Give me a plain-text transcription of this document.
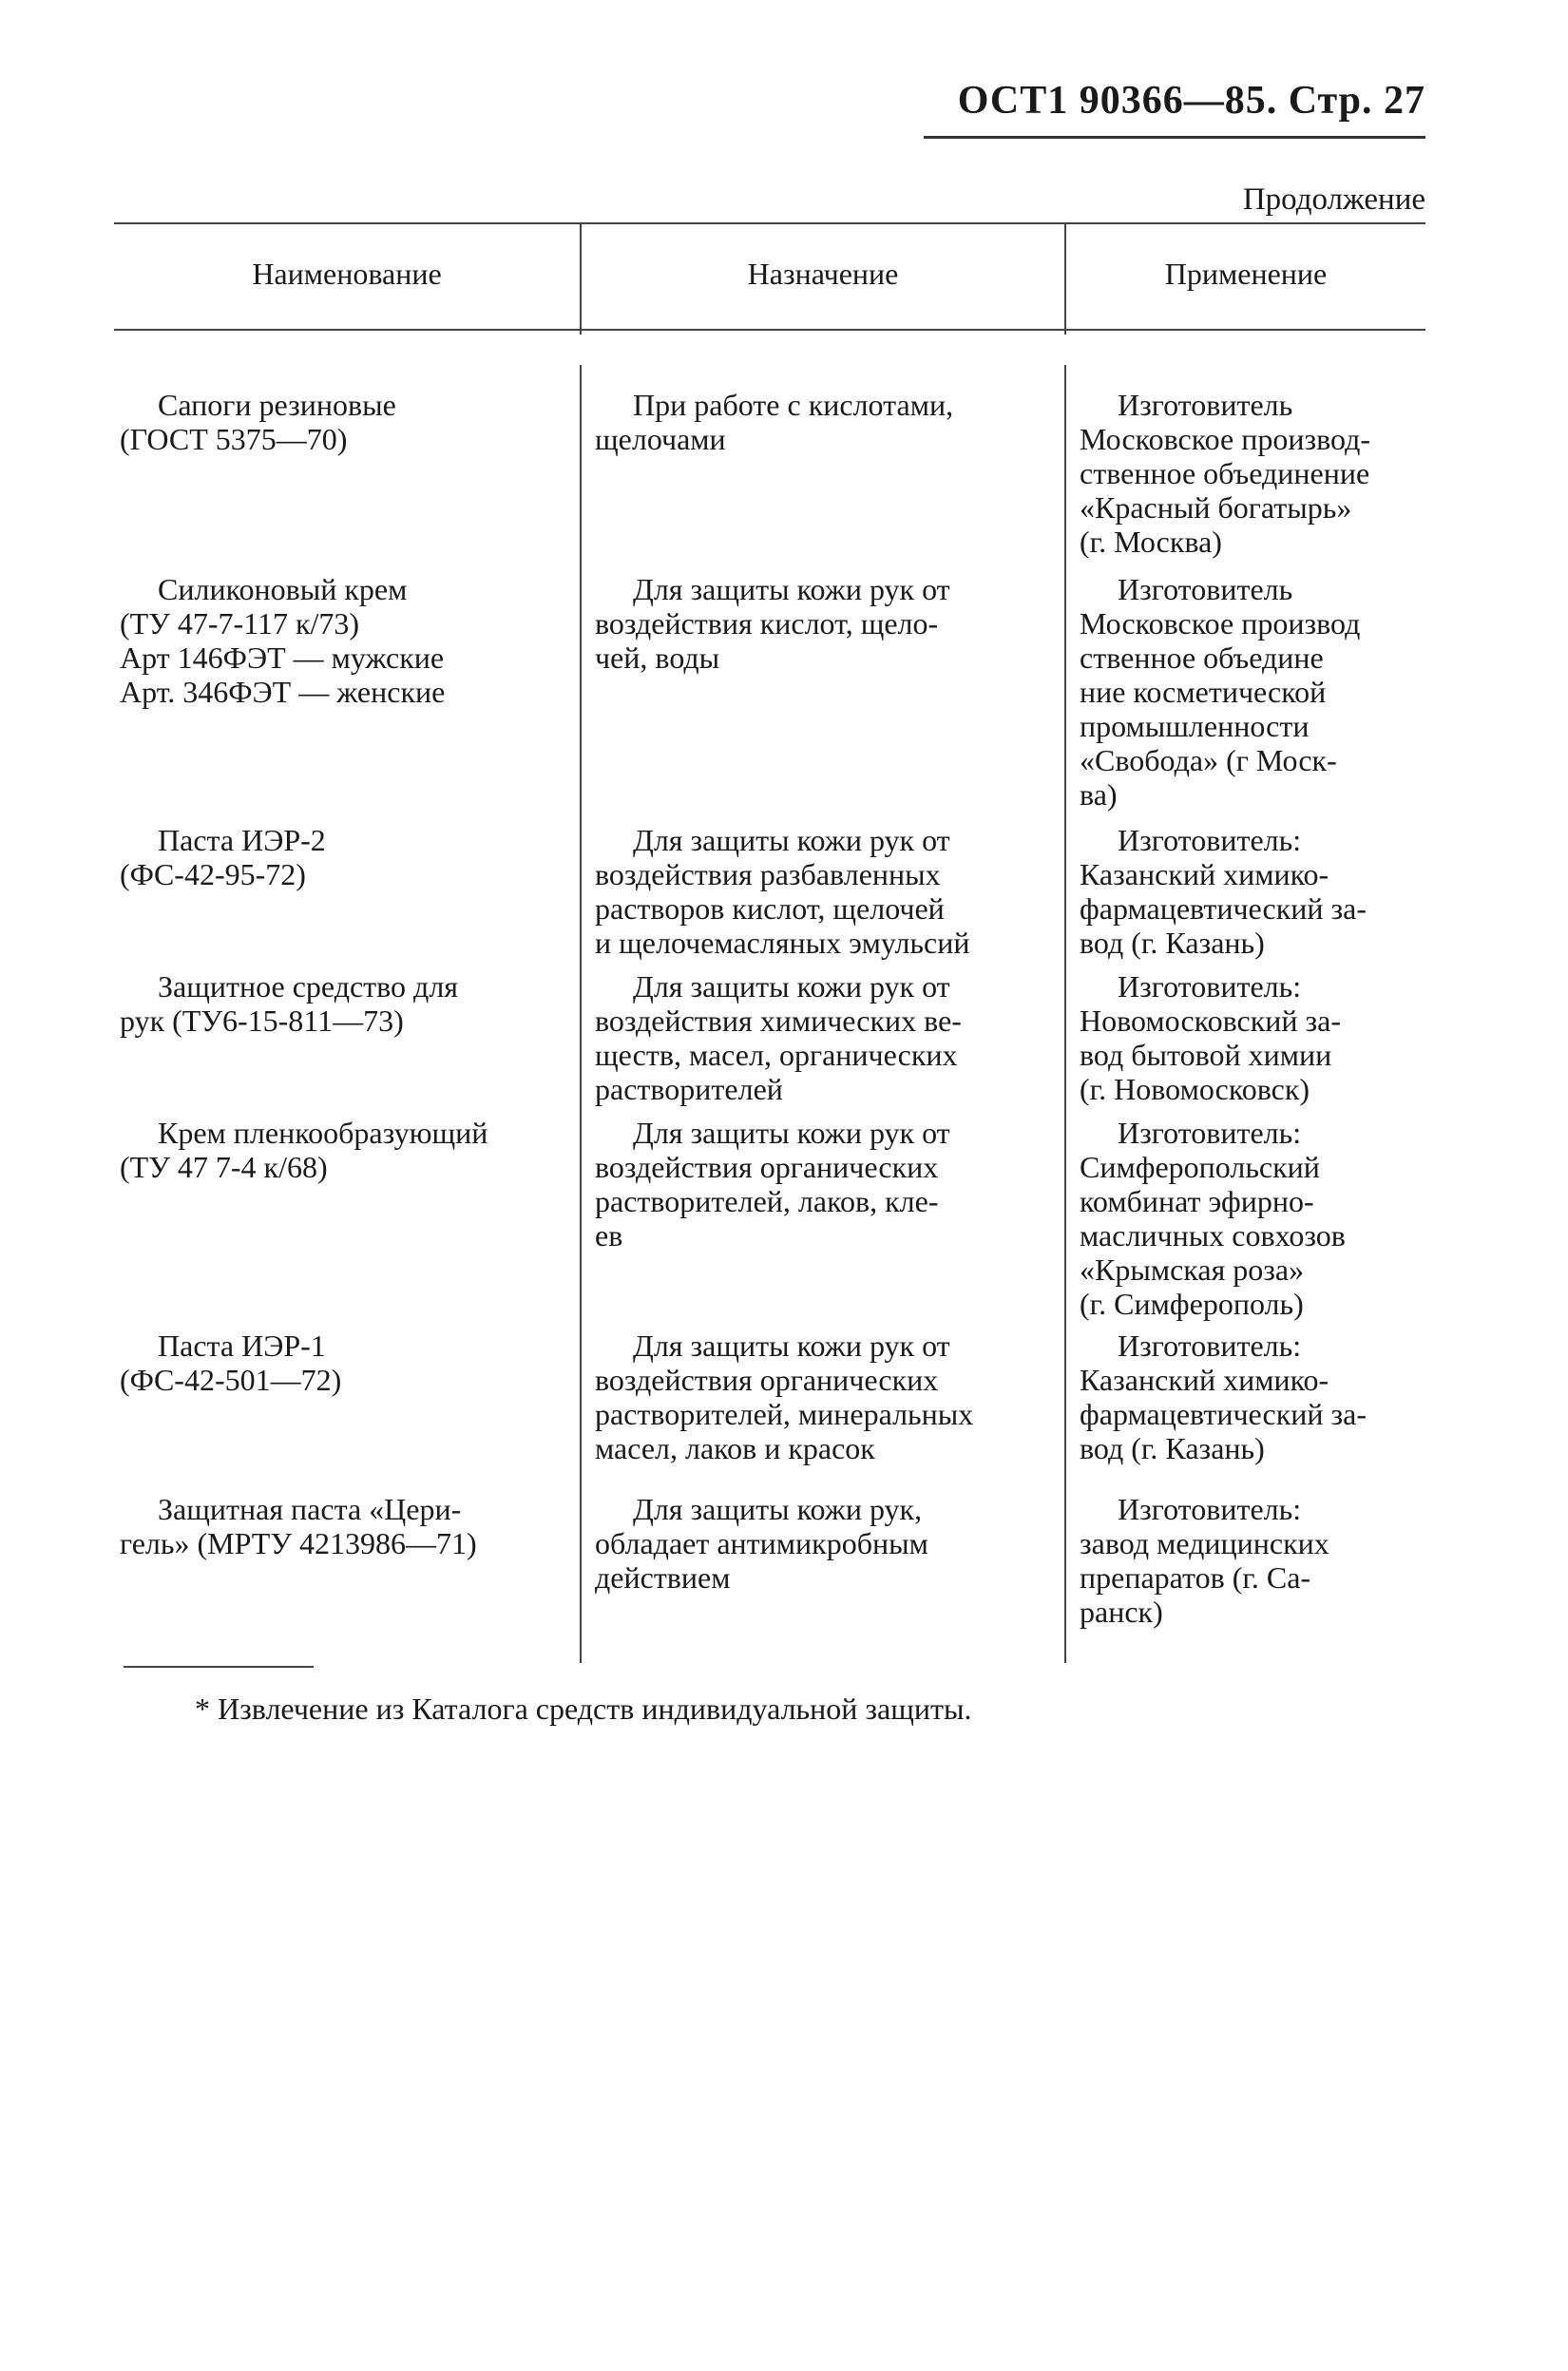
ОСТ1 90366—85. Стр. 27
Продолжение
Наименование	Назначение	Применение
Сапоги резиновые
(ГОСТ 5375—70)
При работе с кислотами,
щелочами
Изготовитель
Московское производ-
ственное объединение
«Красный богатырь»
(г. Москва)
Силиконовый крем
(ТУ 47-7-117 к/73)
Арт 146ФЭТ — мужские
Арт. 346ФЭТ — женские
Для защиты кожи рук от
воздействия кислот, щело-
чей, воды
Изготовитель
Московское производ
ственное объедине
ние косметической
промышленности
«Свобода» (г Моск-
ва)
Паста ИЭР-2
(ФС-42-95-72)
Для защиты кожи рук от
воздействия разбавленных
растворов кислот, щелочей
и щелочемасляных эмульсий
Изготовитель:
Казанский химико-
фармацевтический за-
вод (г. Казань)
Защитное средство для
рук (ТУ6-15-811—73)
Для защиты кожи рук от
воздействия химических ве-
ществ, масел, органических
растворителей
Изготовитель:
Новомосковский за-
вод бытовой химии
(г. Новомосковск)
Крем пленкообразующий
(ТУ 47 7-4 к/68)
Для защиты кожи рук от
воздействия органических
растворителей, лаков, кле-
ев
Изготовитель:
Симферопольский
комбинат эфирно-
масличных совхозов
«Крымская роза»
(г. Симферополь)
Паста ИЭР-1
(ФС-42-501—72)
Для защиты кожи рук от
воздействия органических
растворителей, минеральных
масел, лаков и красок
Изготовитель:
Казанский химико-
фармацевтический за-
вод (г. Казань)
Защитная паста «Цери-
гель» (МРТУ 4213986—71)
Для защиты кожи рук,
обладает антимикробным
действием
Изготовитель:
завод медицинских
препаратов (г. Са-
ранск)
* Извлечение из Каталога средств индивидуальной защиты.
